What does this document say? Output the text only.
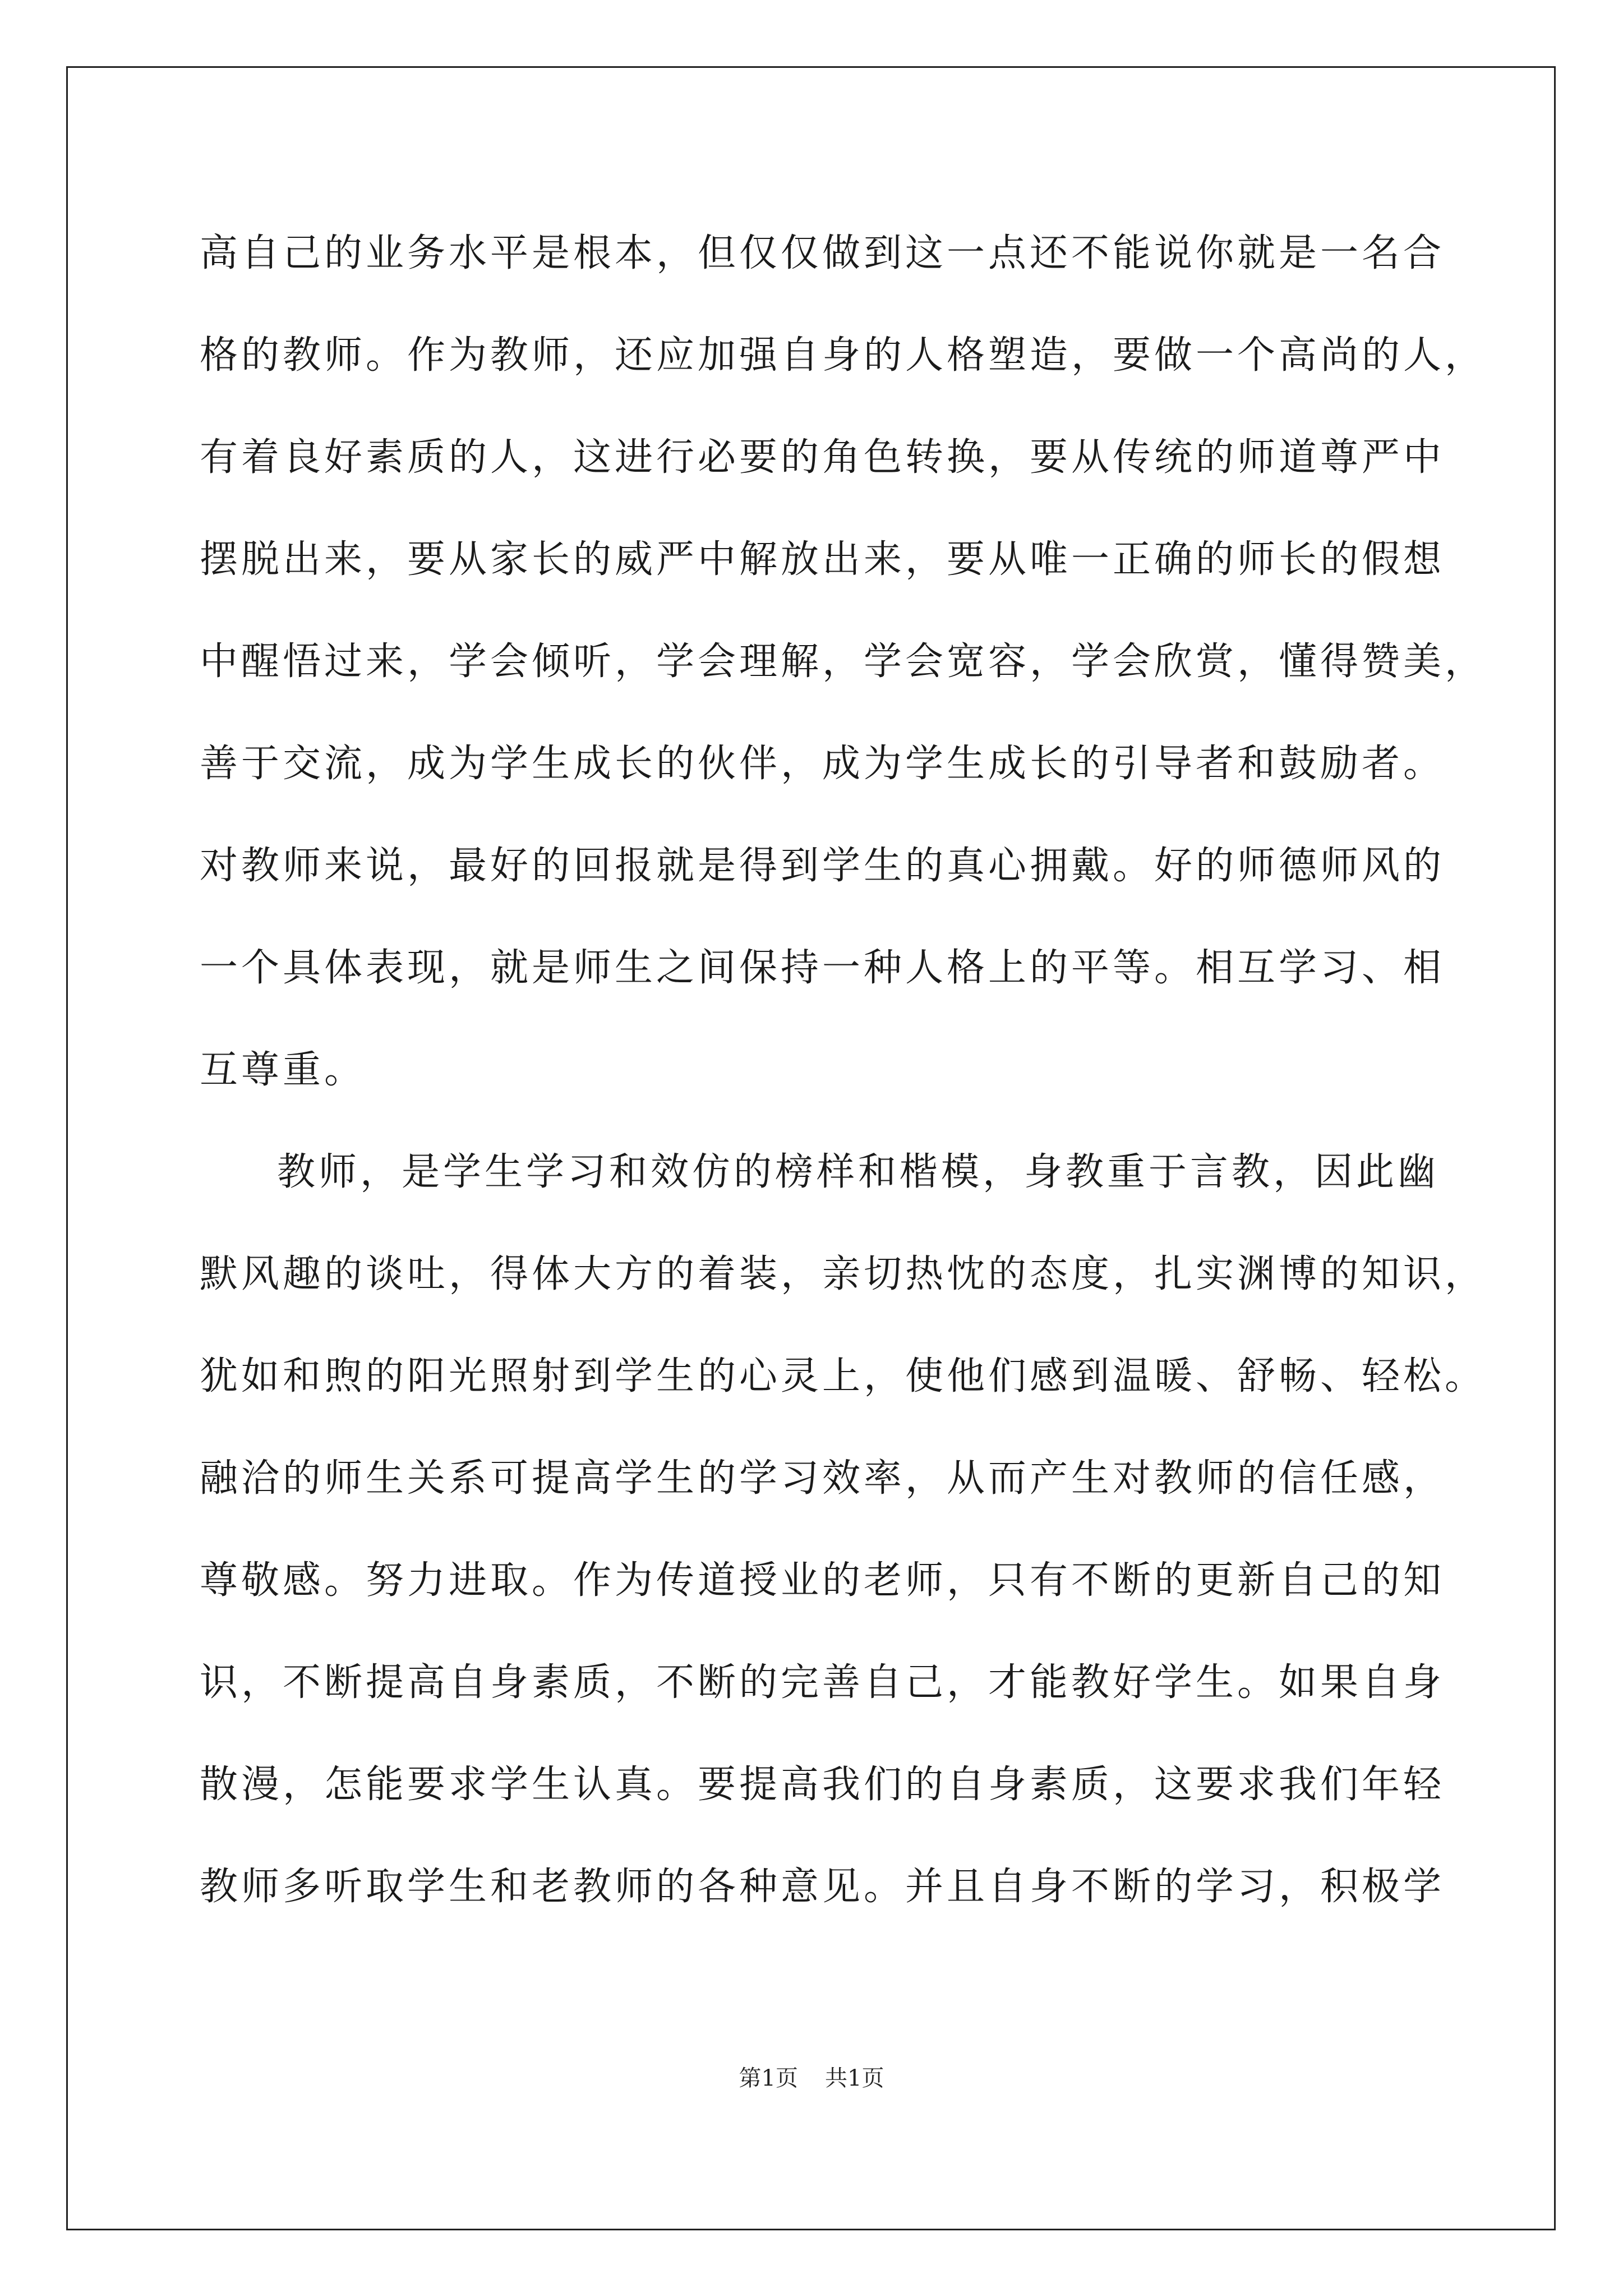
高自己的业务水平是根本，但仅仅做到这一点还不能说你就是一名合
格的教师。作为教师，还应加强自身的人格塑造，要做一个高尚的人，
有着良好素质的人，这进行必要的角色转换，要从传统的师道尊严中
摆脱出来，要从家长的威严中解放出来，要从唯一正确的师长的假想
中醒悟过来，学会倾听，学会理解，学会宽容，学会欣赏，懂得赞美，
善于交流，成为学生成长的伙伴，成为学生成长的引导者和鼓励者。
对教师来说，最好的回报就是得到学生的真心拥戴。好的师德师风的
一个具体表现，就是师生之间保持一种人格上的平等。相互学习、相
互尊重。
教师，是学生学习和效仿的榜样和楷模，身教重于言教，因此幽
默风趣的谈吐，得体大方的着装，亲切热忱的态度，扎实渊博的知识，
犹如和煦的阳光照射到学生的心灵上，使他们感到温暖、舒畅、轻松。
融洽的师生关系可提高学生的学习效率，从而产生对教师的信任感，
尊敬感。努力进取。作为传道授业的老师，只有不断的更新自己的知
识，不断提高自身素质，不断的完善自己，才能教好学生。如果自身
散漫，怎能要求学生认真。要提高我们的自身素质，这要求我们年轻
教师多听取学生和老教师的各种意见。并且自身不断的学习，积极学
第1页 共1页
